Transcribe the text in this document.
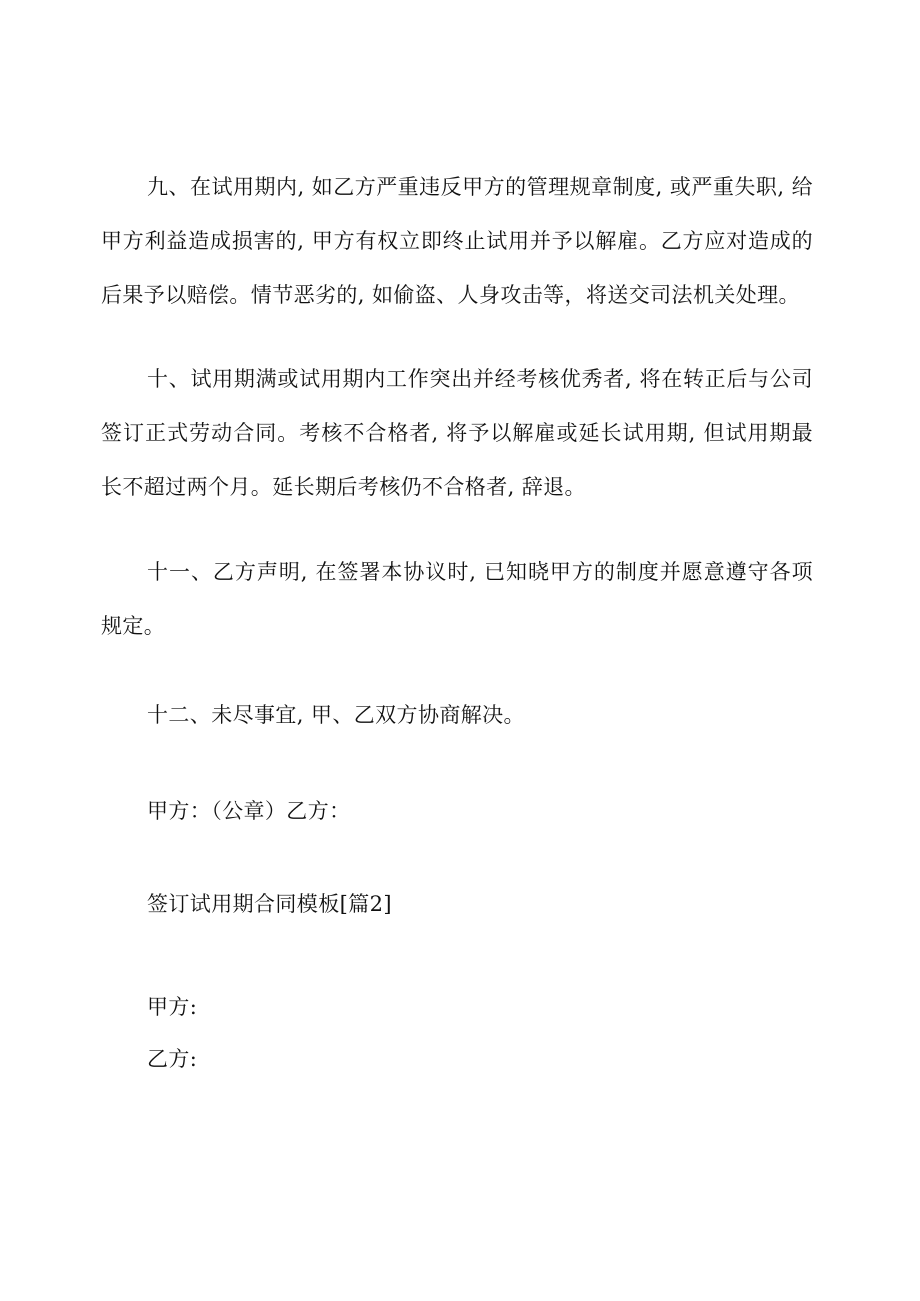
九、在试用期内, 如乙方严重违反甲方的管理规章制度, 或严重失职, 给甲方利益造成损害的, 甲方有权立即终止试用并予以解雇。乙方应对造成的后果予以赔偿。情节恶劣的, 如偷盗、人身攻击等，将送交司法机关处理。

十、试用期满或试用期内工作突出并经考核优秀者, 将在转正后与公司签订正式劳动合同。考核不合格者, 将予以解雇或延长试用期, 但试用期最长不超过两个月。延长期后考核仍不合格者, 辞退。

十一、乙方声明, 在签署本协议时, 已知晓甲方的制度并愿意遵守各项规定。

十二、未尽事宜, 甲、乙双方协商解决。

甲方：（公章）乙方：

签订试用期合同模板[篇2]

甲方:

乙方:
